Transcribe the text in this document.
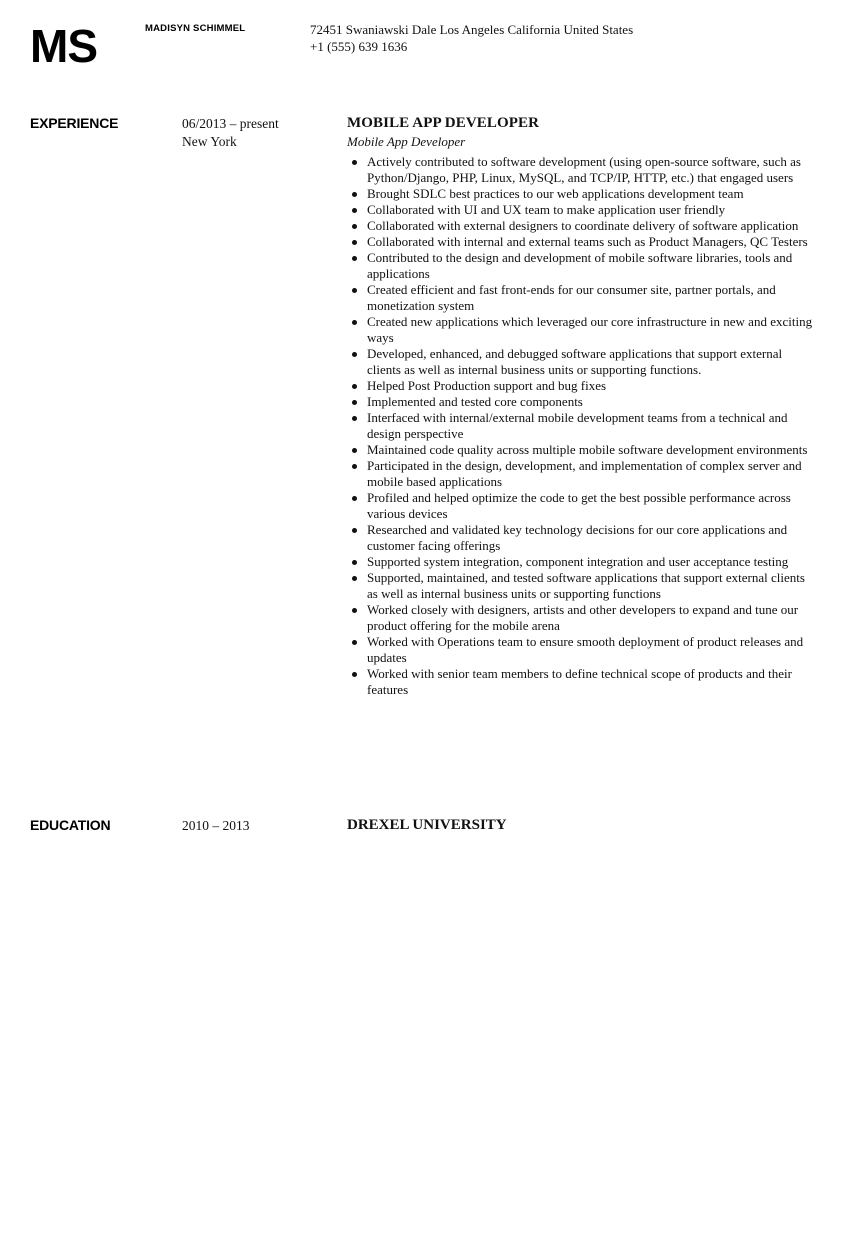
MS	MADISYN SCHIMMEL	72451 Swaniawski Dale Los Angeles California United States
+1 (555) 639 1636
EXPERIENCE	06/2013 – present
New York
MOBILE APP DEVELOPER
Mobile App Developer
Actively contributed to software development (using open-source software, such as Python/Django, PHP, Linux, MySQL, and TCP/IP, HTTP, etc.) that engaged users
Brought SDLC best practices to our web applications development team
Collaborated with UI and UX team to make application user friendly
Collaborated with external designers to coordinate delivery of software application
Collaborated with internal and external teams such as Product Managers, QC Testers
Contributed to the design and development of mobile software libraries, tools and applications
Created efficient and fast front-ends for our consumer site, partner portals, and monetization system
Created new applications which leveraged our core infrastructure in new and exciting ways
Developed, enhanced, and debugged software applications that support external clients as well as internal business units or supporting functions.
Helped Post Production support and bug fixes
Implemented and tested core components
Interfaced with internal/external mobile development teams from a technical and design perspective
Maintained code quality across multiple mobile software development environments
Participated in the design, development, and implementation of complex server and mobile based applications
Profiled and helped optimize the code to get the best possible performance across various devices
Researched and validated key technology decisions for our core applications and customer facing offerings
Supported system integration, component integration and user acceptance testing
Supported, maintained, and tested software applications that support external clients as well as internal business units or supporting functions
Worked closely with designers, artists and other developers to expand and tune our product offering for the mobile arena
Worked with Operations team to ensure smooth deployment of product releases and updates
Worked with senior team members to define technical scope of products and their features
EDUCATION	2010 – 2013	DREXEL UNIVERSITY
